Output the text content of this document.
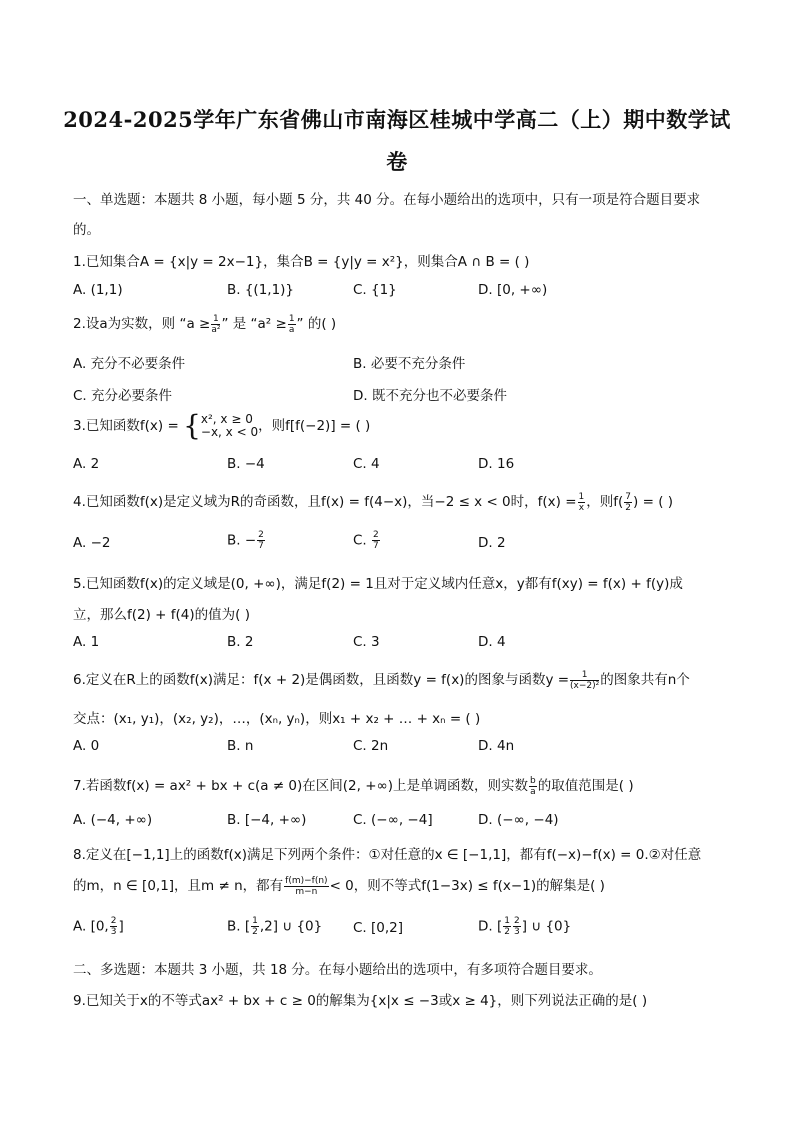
2024-2025学年广东省佛山市南海区桂城中学高二（上）期中数学试
卷
一、单选题：本题共 8 小题，每小题 5 分，共 40 分。在每小题给出的选项中，只有一项是符合题目要求
的。
1.已知集合A = {x|y = 2x−1}，集合B = {y|y = x²}，则集合A ∩ B = ( )
A. (1,1)	B. {(1,1)}	C. {1}	D. [0, +∞)
2.设a为实数，则 “$a \ge \frac{1}{\text{a²}}$ ” 是 “$a^2 \ge \frac{1}{a}$ ” 的( )
A. 充分不必要条件	B. 必要不充分条件
C. 充分必要条件	D. 既不充分也不必要条件
3.已知函数f(x) = { x², x ≥ 0
−x, x < 0 ，则f[f(−2)] = ( )
A. 2	B. −4	C. 4	D. 16
4.已知函数f(x)是定义域为R的奇函数，且f(x) = f(4−x)，当−2 ≤ x < 0时，$f(x) = \frac{1}{x}$ ，则$f( \frac{7}{2}$ ) = ( )
A. −2	B. − $\frac{2}{7}$	C. $\frac{2}{7}$	D. 2
5.已知函数f(x)的定义域是(0, +∞)，满足f(2) = 1且对于定义域内任意x，y都有f(xy) = f(x) + f(y)成
立，那么f(2) + f(4)的值为( )
A. 1	B. 2	C. 3	D. 4
6.定义在R上的函数f(x)满足：f(x + 2)是偶函数，且函数y = f(x)的图象与函数$y = \frac{1}{\text{(x−2)²}}$ 的图象共有n个
交点：(x₁, y₁)，(x₂, y₂)，…，(xₙ, yₙ)，则x₁ + x₂ + … + xₙ = ( )
A. 0	B. n	C. 2n	D. 4n
7.若函数f(x) = ax² + bx + c(a ≠ 0)在区间(2, +∞)上是单调函数，则实数 $\frac{b}{a}$ 的取值范围是( )
A. (−4, +∞)	B. [−4, +∞)	C. (−∞, −4]	D. (−∞, −4)
8.定义在[−1,1]上的函数f(x)满足下列两个条件：①对任意的x ∈ [−1,1]，都有f(−x)−f(x) = 0.②对任意
的m，n ∈ [0,1]，且m ≠ n，都有 $\frac{f(m)-f(n)}{m-n} < 0$，则不等式f(1−3x) ≤ f(x−1)的解集是( )
A. [0, $\frac{2}{3}$ ]	B. [ $\frac{1}{2} ,2$] ∪ {0} C. [0,2]	D. [ $\frac{1}{2} \frac{2}{3}$ ] ∪ {0}
二、多选题：本题共 3 小题，共 18 分。在每小题给出的选项中，有多项符合题目要求。
9.已知关于x的不等式ax² + bx + c ≥ 0的解集为{x|x ≤ −3或x ≥ 4}，则下列说法正确的是( )
